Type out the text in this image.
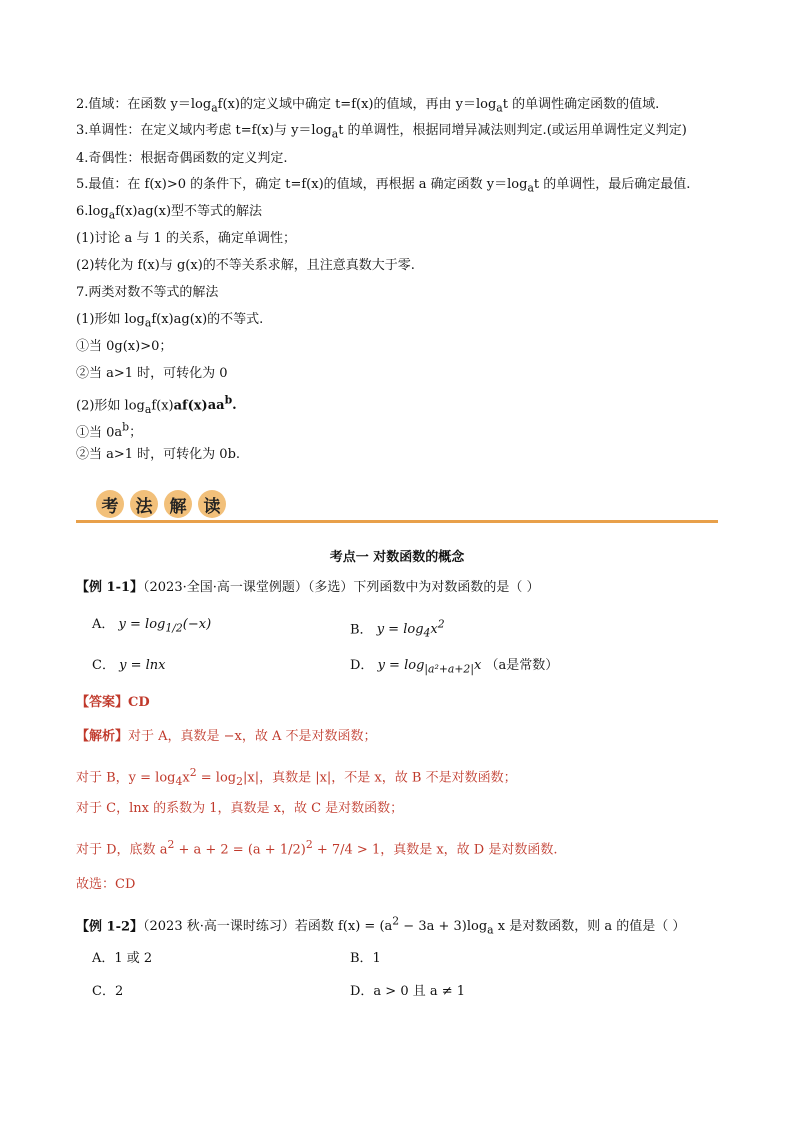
2.值域：在函数 $y=\log_af(x)$的定义域中确定 t=f(x)的值域，再由 $y=\log_at$ 的单调性确定函数的值域.
3.单调性：在定义域内考虑 t=f(x)与 $y=\log_at$ 的单调性，根据同增异减法则判定.(或运用单调性定义判定)
4.奇偶性：根据奇偶函数的定义判定.
5.最值：在 f(x)>0 的条件下，确定 t=f(x)的值域，再根据 a 确定函数 $y=\log_at$ 的单调性，最后确定最值.
$6.\log_af(x)ag(x)$型不等式的解法
(1)讨论 a 与 1 的关系，确定单调性；
(2)转化为 f(x)与 g(x)的不等关系求解，且注意真数大于零.
7.两类对数不等式的解法
(1)形如 $\log_af(x)ag(x)$的不等式.
①当 0g(x)>0；
②当 a>1 时，可转化为 0
(2)形如 $\log_af(x)af(x)aa^b$.
①当 $0a^b$；
②当 a>1 时，可转化为 0b.
考	法	解	读
考点一 对数函数的概念
【例 1-1】（2023·全国·高一课堂例题）（多选）下列函数中为对数函数的是（ ）
A． $y = \log_{1/2}(-x)$	B． $y = \log_4x^2$
C． y = lnx	D． $y = \log_{|a^2+a+2|}x$ （a是常数）
【答案】CD
【解析】对于 A，真数是 −x，故 A 不是对数函数；
对于 B，$y = \log_4x^2 = \log_2|x|$，真数是 |x|，不是 x，故 B 不是对数函数；
对于 C，lnx 的系数为 1，真数是 x，故 C 是对数函数；
对于 D，底数 $a^2 + a + 2 = (a + 1/2)^2 + 7/4 > 1$，真数是 x，故 D 是对数函数.
故选：CD
【例 1-2】（2023 秋·高一课时练习）若函数 $f(x) = (a^2 - 3a + 3)\log_a$ x 是对数函数，则 a 的值是（ ）
A．1 或 2	B．1
C．2	D．a > 0 且 a ≠ 1
